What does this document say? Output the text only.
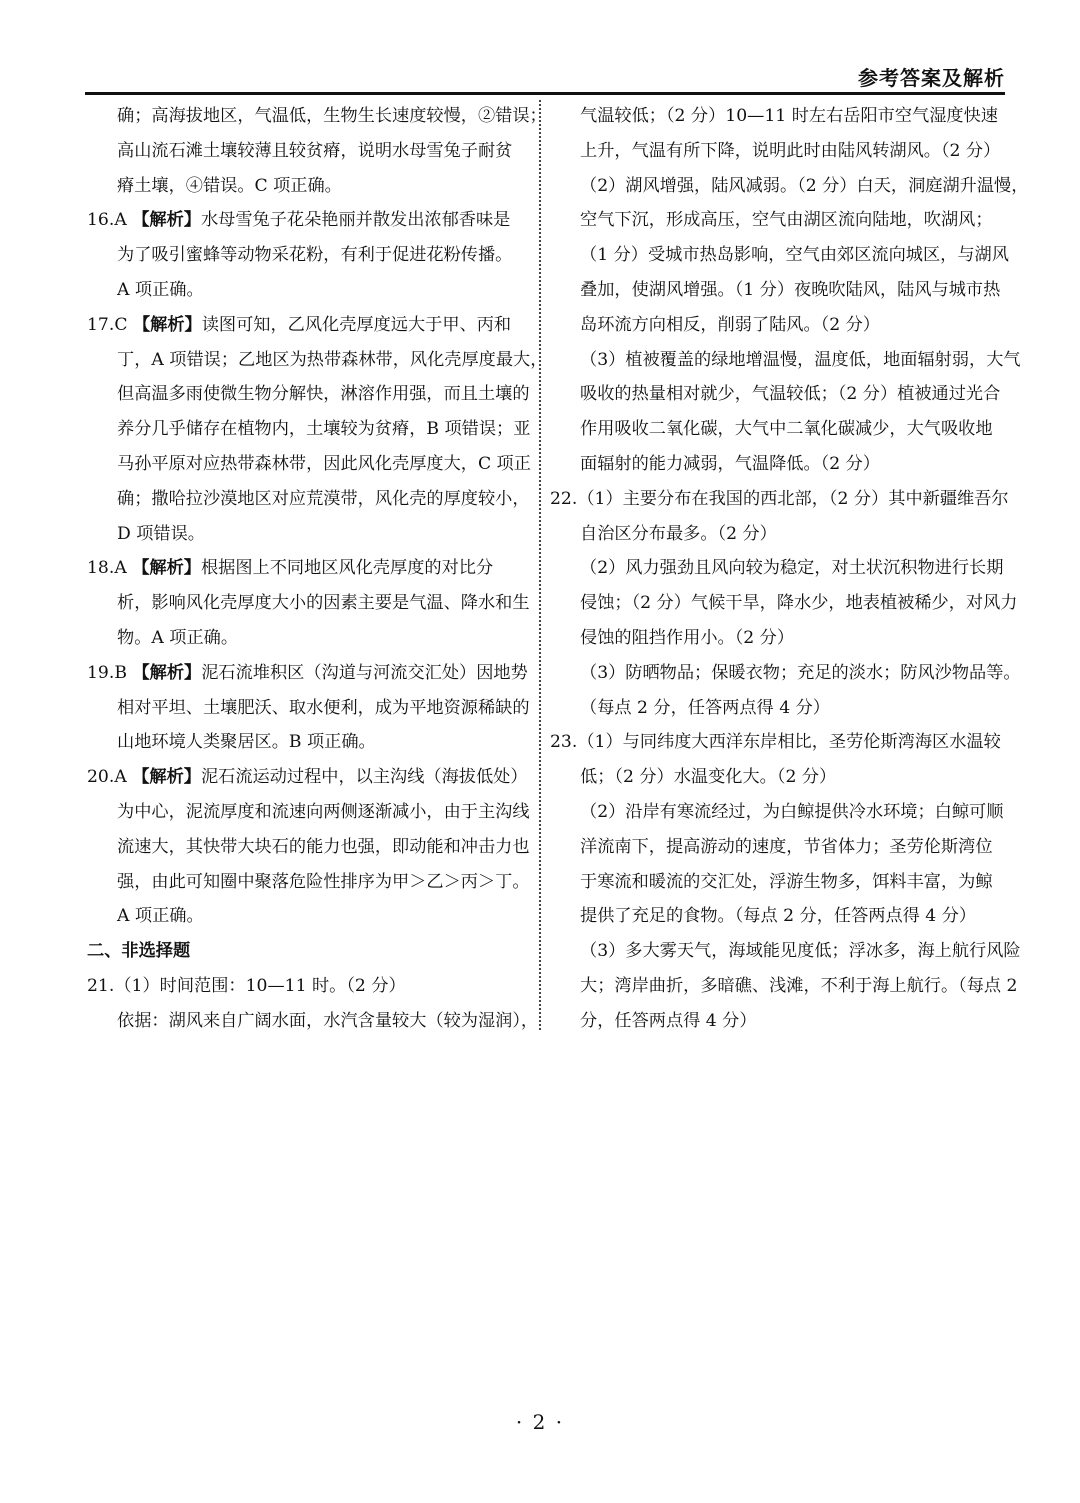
参考答案及解析
确；高海拔地区，气温低，生物生长速度较慢，②错误；
高山流石滩土壤较薄且较贫瘠，说明水母雪兔子耐贫
瘠土壤，④错误。C 项正确。
16.A 【解析】水母雪兔子花朵艳丽并散发出浓郁香味是
为了吸引蜜蜂等动物采花粉，有利于促进花粉传播。
A 项正确。
17.C 【解析】读图可知，乙风化壳厚度远大于甲、丙和
丁，A 项错误；乙地区为热带森林带，风化壳厚度最大，
但高温多雨使微生物分解快，淋溶作用强，而且土壤的
养分几乎储存在植物内，土壤较为贫瘠，B 项错误；亚
马孙平原对应热带森林带，因此风化壳厚度大，C 项正
确；撒哈拉沙漠地区对应荒漠带，风化壳的厚度较小，
D 项错误。
18.A 【解析】根据图上不同地区风化壳厚度的对比分
析，影响风化壳厚度大小的因素主要是气温、降水和生
物。A 项正确。
19.B 【解析】泥石流堆积区（沟道与河流交汇处）因地势
相对平坦、土壤肥沃、取水便利，成为平地资源稀缺的
山地环境人类聚居区。B 项正确。
20.A 【解析】泥石流运动过程中，以主沟线（海拔低处）
为中心，泥流厚度和流速向两侧逐渐减小，由于主沟线
流速大，其快带大块石的能力也强，即动能和冲击力也
强，由此可知圈中聚落危险性排序为甲＞乙＞丙＞丁。
A 项正确。
二、非选择题
21.（1）时间范围：10—11 时。（2 分）
依据：湖风来自广阔水面，水汽含量较大（较为湿润），
气温较低；（2 分）10—11 时左右岳阳市空气湿度快速
上升，气温有所下降，说明此时由陆风转湖风。（2 分）
（2）湖风增强，陆风减弱。（2 分）白天，洞庭湖升温慢，
空气下沉，形成高压，空气由湖区流向陆地，吹湖风；
（1 分）受城市热岛影响，空气由郊区流向城区，与湖风
叠加，使湖风增强。（1 分）夜晚吹陆风，陆风与城市热
岛环流方向相反，削弱了陆风。（2 分）
（3）植被覆盖的绿地增温慢，温度低，地面辐射弱，大气
吸收的热量相对就少，气温较低；（2 分）植被通过光合
作用吸收二氧化碳，大气中二氧化碳减少，大气吸收地
面辐射的能力减弱，气温降低。（2 分）
22.（1）主要分布在我国的西北部，（2 分）其中新疆维吾尔
自治区分布最多。（2 分）
（2）风力强劲且风向较为稳定，对土状沉积物进行长期
侵蚀；（2 分）气候干旱，降水少，地表植被稀少，对风力
侵蚀的阻挡作用小。（2 分）
（3）防晒物品；保暖衣物；充足的淡水；防风沙物品等。
（每点 2 分，任答两点得 4 分）
23.（1）与同纬度大西洋东岸相比，圣劳伦斯湾海区水温较
低；（2 分）水温变化大。（2 分）
（2）沿岸有寒流经过，为白鲸提供冷水环境；白鲸可顺
洋流南下，提高游动的速度，节省体力；圣劳伦斯湾位
于寒流和暖流的交汇处，浮游生物多，饵料丰富，为鲸
提供了充足的食物。（每点 2 分，任答两点得 4 分）
（3）多大雾天气，海域能见度低；浮冰多，海上航行风险
大；湾岸曲折，多暗礁、浅滩，不利于海上航行。（每点 2
分，任答两点得 4 分）
· 2 ·
